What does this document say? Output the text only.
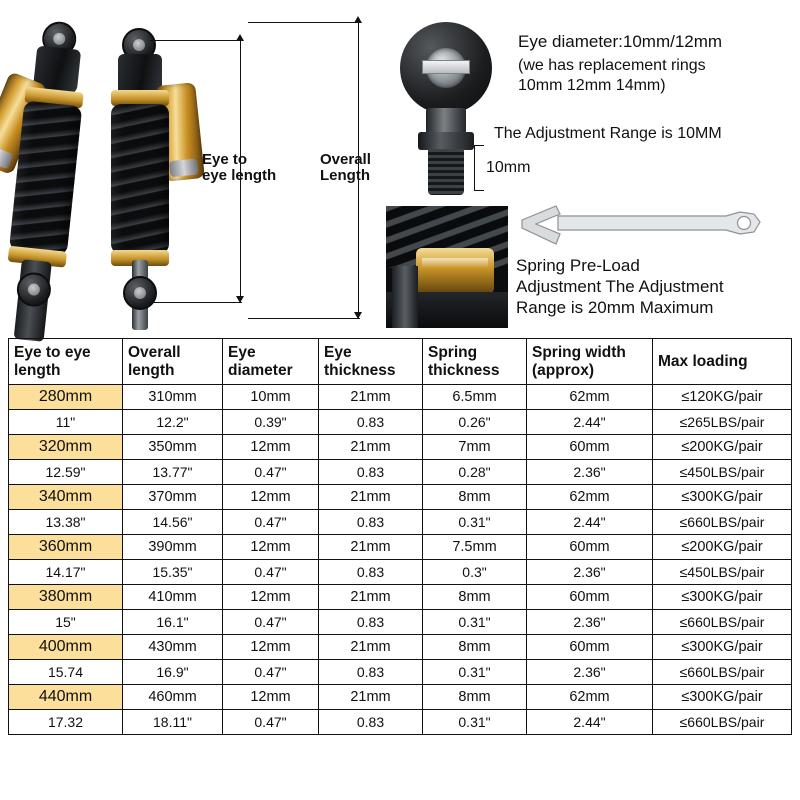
Eye to
eye length
Overall
Length	10mm
Eye diameter:10mm/12mm
(we has replacement rings
10mm 12mm 14mm)
The Adjustment Range is 10MM
Spring Pre-Load
Adjustment The Adjustment
Range is 20mm Maximum
Eye to eye length	Overall length	Eye diameter	Eye thickness	Spring thickness	Spring width (approx)	Max loading
280mm	310mm	10mm	21mm	6.5mm	62mm	≤120KG/pair
11"	12.2"	0.39"	0.83	0.26"	2.44"	≤265LBS/pair
320mm	350mm	12mm	21mm	7mm	60mm	≤200KG/pair
12.59"	13.77"	0.47"	0.83	0.28"	2.36"	≤450LBS/pair
340mm	370mm	12mm	21mm	8mm	62mm	≤300KG/pair
13.38"	14.56"	0.47"	0.83	0.31"	2.44"	≤660LBS/pair
360mm	390mm	12mm	21mm	7.5mm	60mm	≤200KG/pair
14.17"	15.35"	0.47"	0.83	0.3"	2.36"	≤450LBS/pair
380mm	410mm	12mm	21mm	8mm	60mm	≤300KG/pair
15"	16.1"	0.47"	0.83	0.31"	2.36"	≤660LBS/pair
400mm	430mm	12mm	21mm	8mm	60mm	≤300KG/pair
15.74	16.9"	0.47"	0.83	0.31"	2.36"	≤660LBS/pair
440mm	460mm	12mm	21mm	8mm	62mm	≤300KG/pair
17.32	18.11"	0.47"	0.83	0.31"	2.44"	≤660LBS/pair
